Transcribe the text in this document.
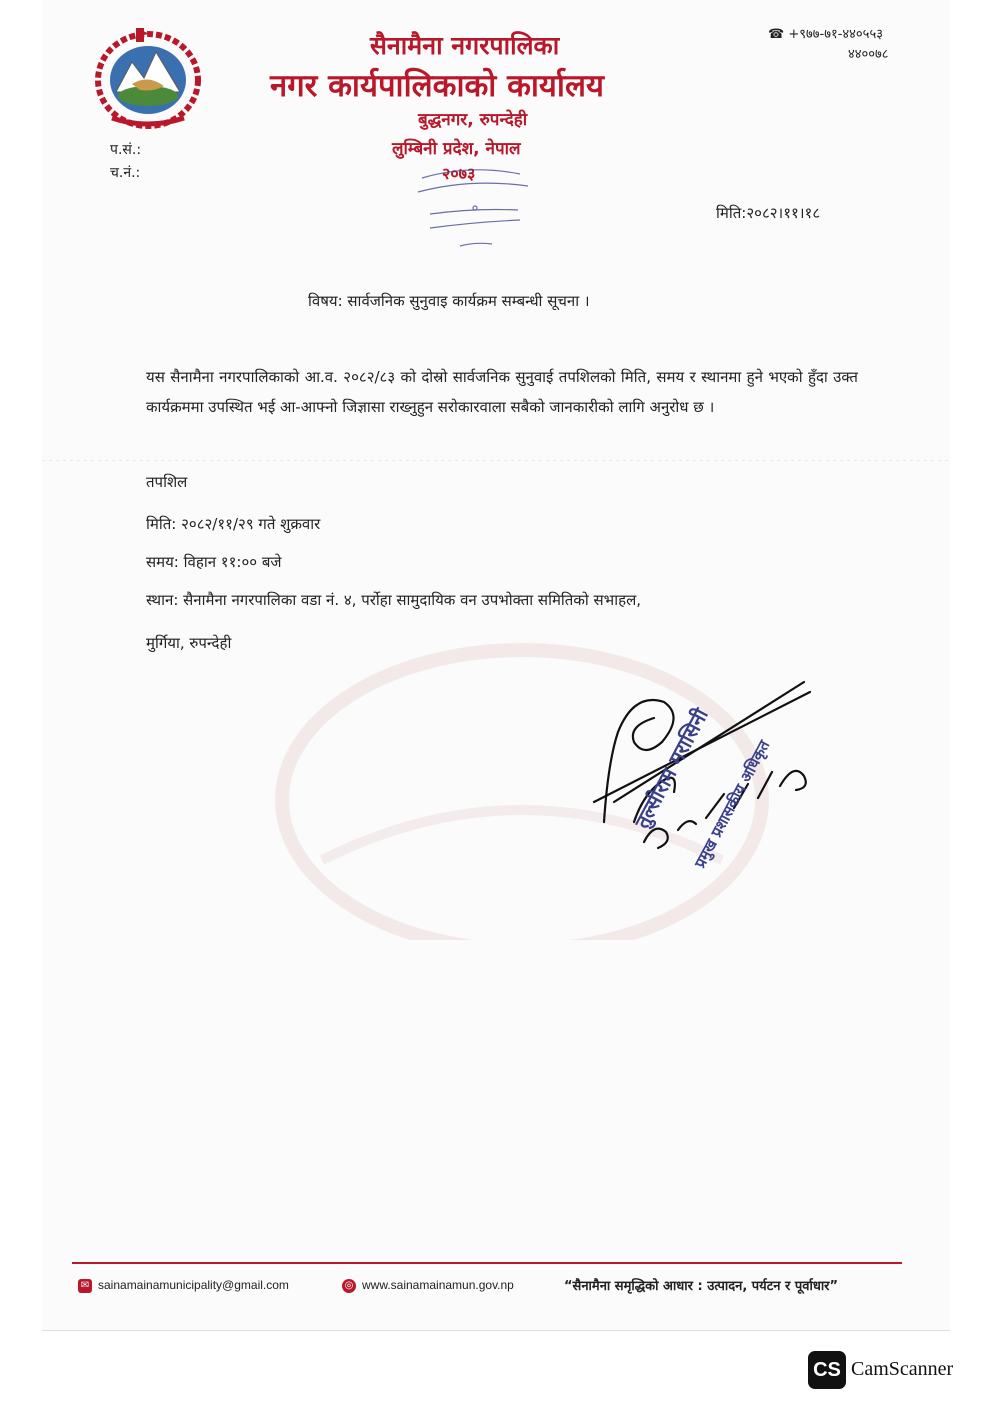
सैनामैना नगरपालिका
नगर कार्यपालिकाको कार्यालय
बुद्धनगर, रुपन्देही
लुम्बिनी प्रदेश, नेपाल
२०७३
☎ +९७७-७१-४४०५५३
४४००७८
प.सं.:
च.नं.:
मिति:२०८२।११।१८
विषय: सार्वजनिक सुनुवाइ कार्यक्रम सम्बन्धी सूचना ।
यस सैनामैना नगरपालिकाको आ.व. २०८२/८३ को दोस्रो सार्वजनिक सुनुवाई तपशिलको मिति, समय र स्थानमा हुने भएको हुँदा उक्त कार्यक्रममा उपस्थित भई आ-आफ्नो जिज्ञासा राख्नुहुन सरोकारवाला सबैको जानकारीको लागि अनुरोध छ ।
तपशिल
मिति: २०८२/११/२९ गते शुक्रवार
समय: विहान ११:०० बजे
स्थान: सैनामैना नगरपालिका वडा नं. ४, पर्रोहा सामुदायिक वन उपभोक्ता समितिको सभाहल,
मुर्गिया, रुपन्देही
तुल्सीराम मरासिनी
प्रमुख प्रशासकीय अधिकृत
✉ sainamainamunicipality@gmail.com	◎ www.sainamainamun.gov.np	“सैनामैना समृद्धिको आधार : उत्पादन, पर्यटन र पूर्वाधार”
CS CamScanner
